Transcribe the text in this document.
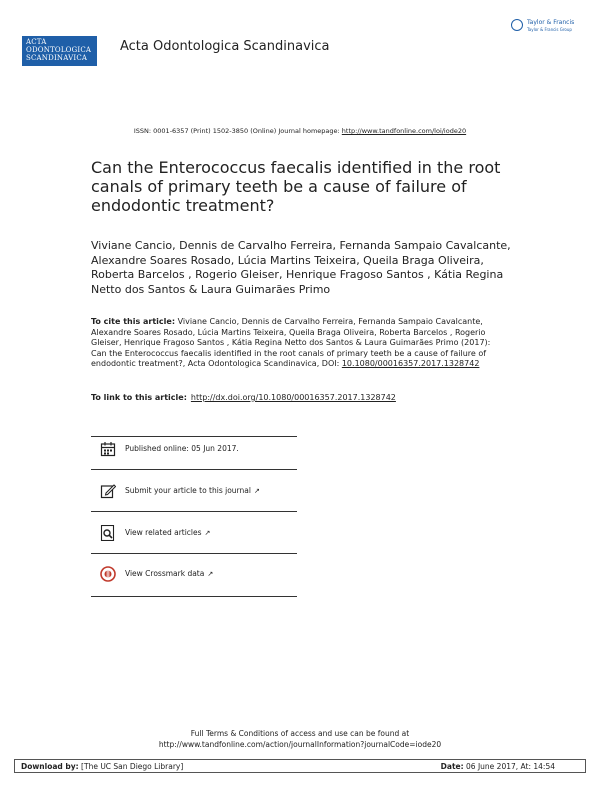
ACTA
ODONTOLOGICA
SCANDINAVICA
Acta Odontologica Scandinavica
Taylor & Francis
Taylor & Francis Group
ISSN: 0001-6357 (Print) 1502-3850 (Online) Journal homepage: http://www.tandfonline.com/loi/iode20
Can the Enterococcus faecalis identified in the root canals of primary teeth be a cause of failure of endodontic treatment?
Viviane Cancio, Dennis de Carvalho Ferreira, Fernanda Sampaio Cavalcante, Alexandre Soares Rosado, Lúcia Martins Teixeira, Queila Braga Oliveira, Roberta Barcelos , Rogerio Gleiser, Henrique Fragoso Santos , Kátia Regina Netto dos Santos & Laura Guimarães Primo
To cite this article: Viviane Cancio, Dennis de Carvalho Ferreira, Fernanda Sampaio Cavalcante, Alexandre Soares Rosado, Lúcia Martins Teixeira, Queila Braga Oliveira, Roberta Barcelos , Rogerio Gleiser, Henrique Fragoso Santos , Kátia Regina Netto dos Santos & Laura Guimarães Primo (2017): Can the Enterococcus faecalis identified in the root canals of primary teeth be a cause of failure of endodontic treatment?, Acta Odontologica Scandinavica, DOI: 10.1080/00016357.2017.1328742
To link to this article: http://dx.doi.org/10.1080/00016357.2017.1328742
Published online: 05 Jun 2017.
Submit your article to this journal ↗
View related articles ↗
View Crossmark data ↗
Full Terms & Conditions of access and use can be found at
http://www.tandfonline.com/action/journalInformation?journalCode=iode20
Download by: [The UC San Diego Library]	Date: 06 June 2017, At: 14:54
